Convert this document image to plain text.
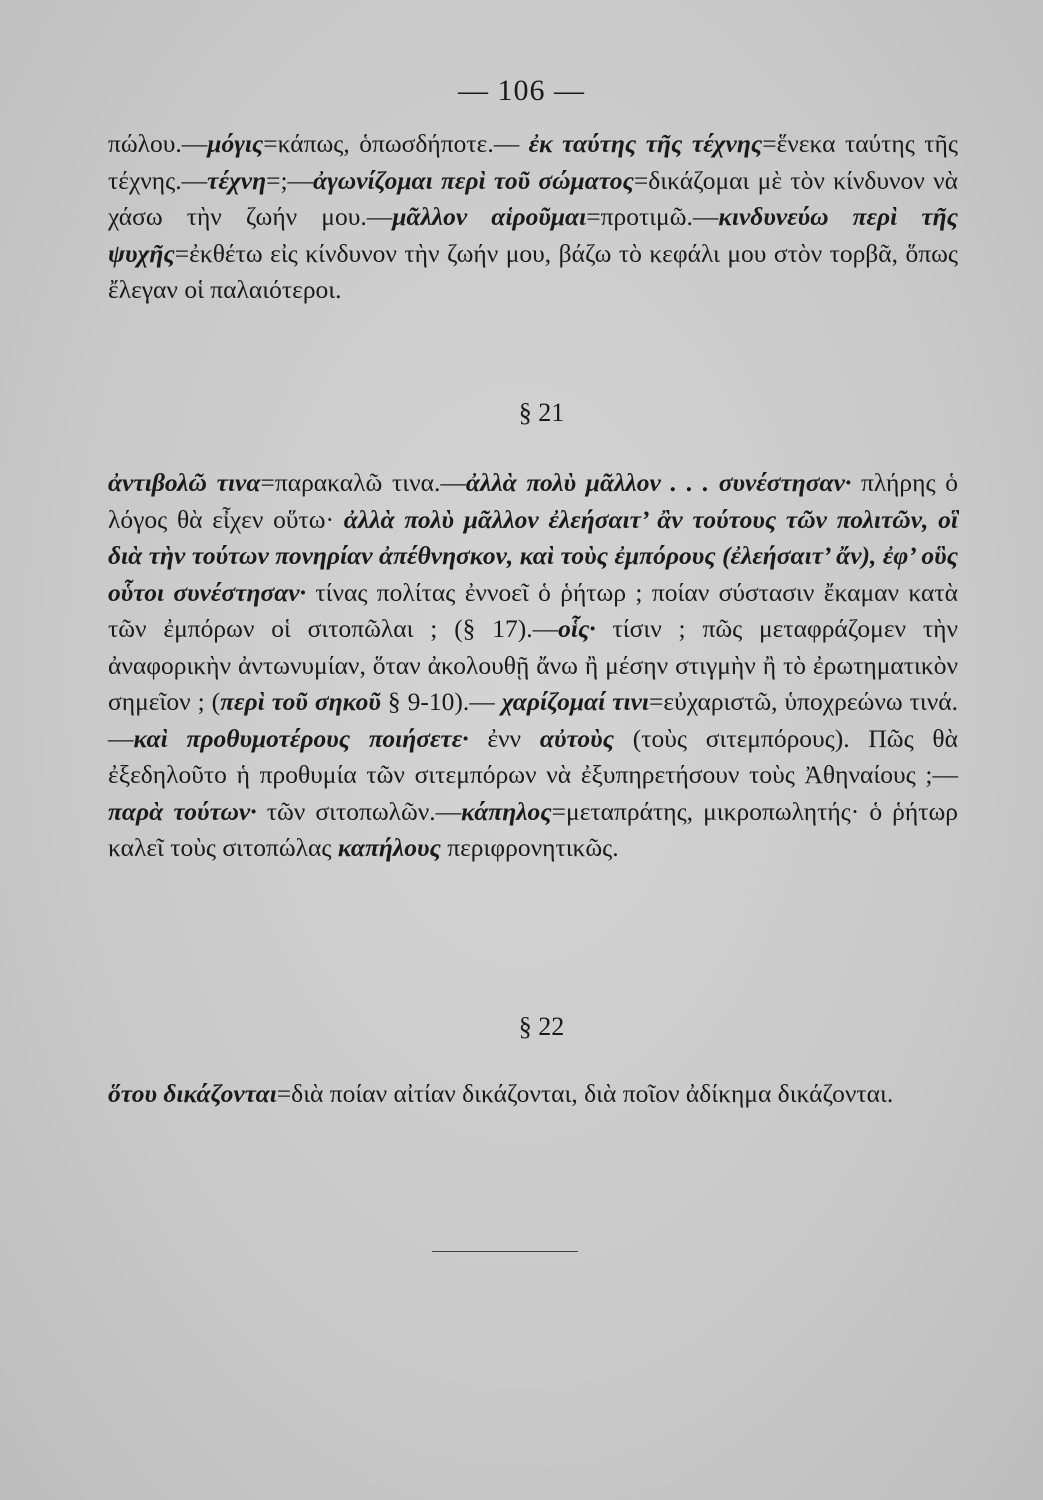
— 106 —
πώλου.—μόγις=κάπως, ὁπωσδήποτε.— ἐκ ταύτης τῆς τέχνης=ἕνεκα ταύτης τῆς τέχνης.—τέχνη=;—ἀγωνίζομαι περὶ τοῦ σώματος=δικάζομαι μὲ τὸν κίνδυνον νὰ χάσω τὴν ζωήν μου.—μᾶλλον αἱροῦμαι=προτιμῶ.—κινδυνεύω περὶ τῆς ψυχῆς=ἐκθέτω εἰς κίνδυνον τὴν ζωήν μου, βάζω τὸ κεφάλι μου στὸν τορβᾶ, ὅπως ἔλεγαν οἱ παλαιότεροι.
§ 21
ἀντιβολῶ τινα=παρακαλῶ τινα.—ἀλλὰ πολὺ μᾶλλον . . . συνέστησαν· πλήρης ὁ λόγος θὰ εἶχεν οὕτω· ἀλλὰ πολὺ μᾶλλον ἐλεήσαιτ’ ἂν τούτους τῶν πολιτῶν, οἳ διὰ τὴν τούτων πονηρίαν ἀπέθνησκον, καὶ τοὺς ἐμπόρους (ἐλεήσαιτ’ ἄν), ἐφ’ οὓς οὗτοι συνέστησαν· τίνας πολίτας ἐννοεῖ ὁ ῥήτωρ ; ποίαν σύστασιν ἔκαμαν κατὰ τῶν ἐμπόρων οἱ σιτοπῶλαι ; (§ 17).—οἷς· τίσιν ; πῶς μεταφράζομεν τὴν ἀναφορικὴν ἀντωνυμίαν, ὅταν ἀκολουθῇ ἄνω ἢ μέσην στιγμὴν ἢ τὸ ἐρωτηματικὸν σημεῖον ; (περὶ τοῦ σηκοῦ § 9-10).— χαρίζομαί τινι=εὐχαριστῶ, ὑποχρεώνω τινά.—καὶ προθυμοτέρους ποιήσετε· ἐνν αὐτοὺς (τοὺς σιτεμπόρους). Πῶς θὰ ἐξεδηλοῦτο ἡ προθυμία τῶν σιτεμπόρων νὰ ἐξυπηρετήσουν τοὺς Ἀθηναίους ;—παρὰ τούτων· τῶν σιτοπωλῶν.—κάπηλος=μεταπράτης, μικροπωλητής· ὁ ῥήτωρ καλεῖ τοὺς σιτοπώλας καπήλους περιφρονητικῶς.
§ 22
ὅτου δικάζονται=διὰ ποίαν αἰτίαν δικάζονται, διὰ ποῖον ἀδίκημα δικάζονται.
